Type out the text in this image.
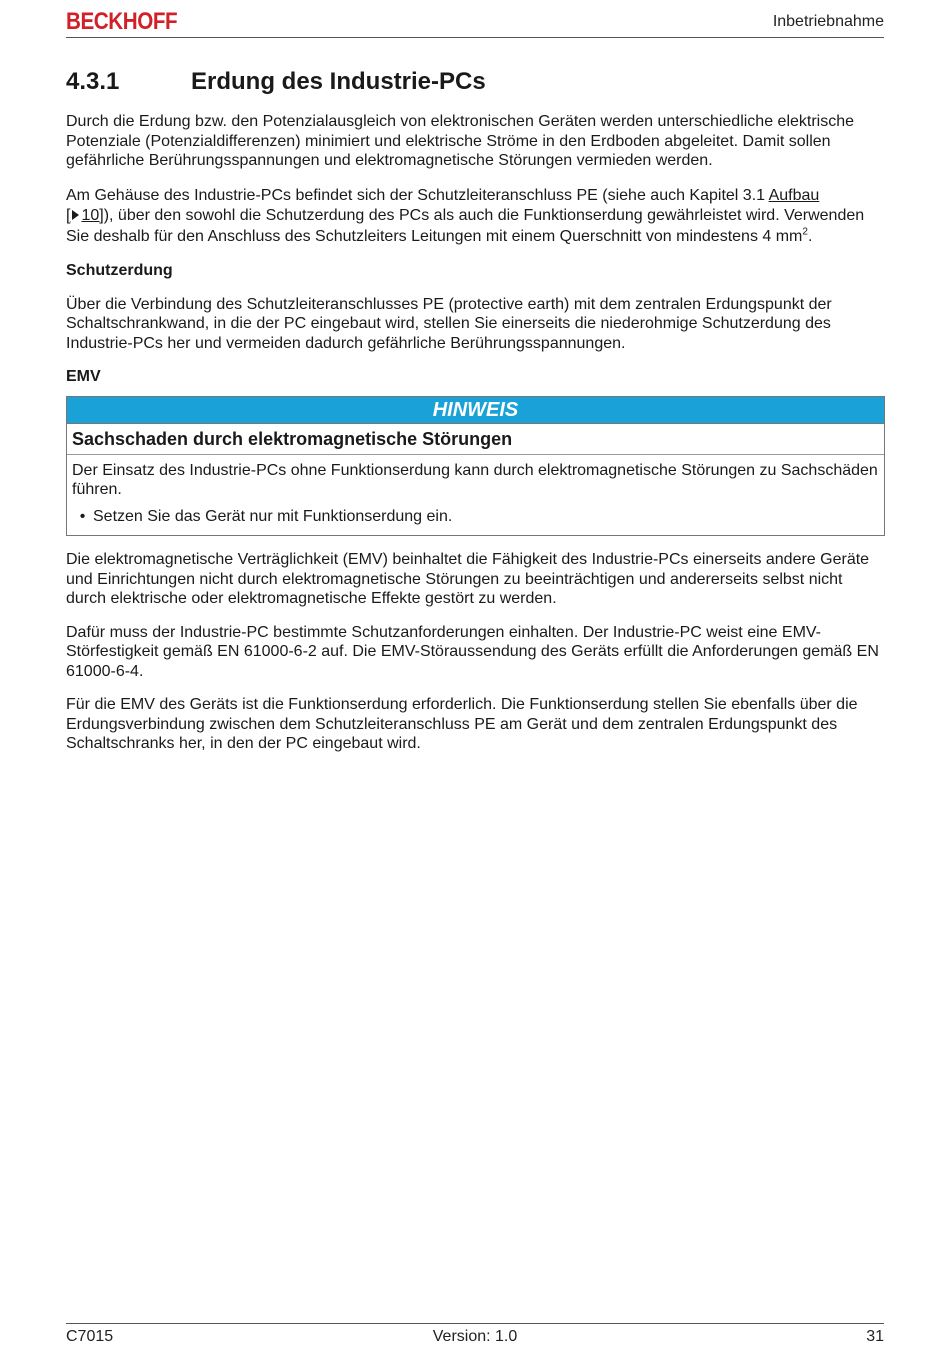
BECKHOFF	Inbetriebnahme
4.3.1	Erdung des Industrie-PCs

Durch die Erdung bzw. den Potenzialausgleich von elektronischen Geräten werden unterschiedliche elektrische Potenziale (Potenzialdifferenzen) minimiert und elektrische Ströme in den Erdboden abgeleitet. Damit sollen gefährliche Berührungsspannungen und elektromagnetische Störungen vermieden werden.

Am Gehäuse des Industrie-PCs befindet sich der Schutzleiteranschluss PE (siehe auch Kapitel 3.1 Aufbau
[ 10]), über den sowohl die Schutzerdung des PCs als auch die Funktionserdung gewährleistet wird. Verwenden Sie deshalb für den Anschluss des Schutzleiters Leitungen mit einem Querschnitt von mindestens 4 $mm^2$.

Schutzerdung

Über die Verbindung des Schutzleiteranschlusses PE (protective earth) mit dem zentralen Erdungspunkt der Schaltschrankwand, in die der PC eingebaut wird, stellen Sie einerseits die niederohmige Schutzerdung des Industrie-PCs her und vermeiden dadurch gefährliche Berührungsspannungen.

EMV
HINWEIS
Sachschaden durch elektromagnetische Störungen
Der Einsatz des Industrie-PCs ohne Funktionserdung kann durch elektromagnetische Störungen zu Sachschäden führen.
• Setzen Sie das Gerät nur mit Funktionserdung ein.

Die elektromagnetische Verträglichkeit (EMV) beinhaltet die Fähigkeit des Industrie-PCs einerseits andere Geräte und Einrichtungen nicht durch elektromagnetische Störungen zu beeinträchtigen und andererseits selbst nicht durch elektrische oder elektromagnetische Effekte gestört zu werden.

Dafür muss der Industrie-PC bestimmte Schutzanforderungen einhalten. Der Industrie-PC weist eine EMV-Störfestigkeit gemäß EN 61000-6-2 auf. Die EMV-Störaussendung des Geräts erfüllt die Anforderungen gemäß EN 61000-6-4.

Für die EMV des Geräts ist die Funktionserdung erforderlich. Die Funktionserdung stellen Sie ebenfalls über die Erdungsverbindung zwischen dem Schutzleiteranschluss PE am Gerät und dem zentralen Erdungspunkt des Schaltschranks her, in den der PC eingebaut wird.

C7015	Version: 1.0	31
